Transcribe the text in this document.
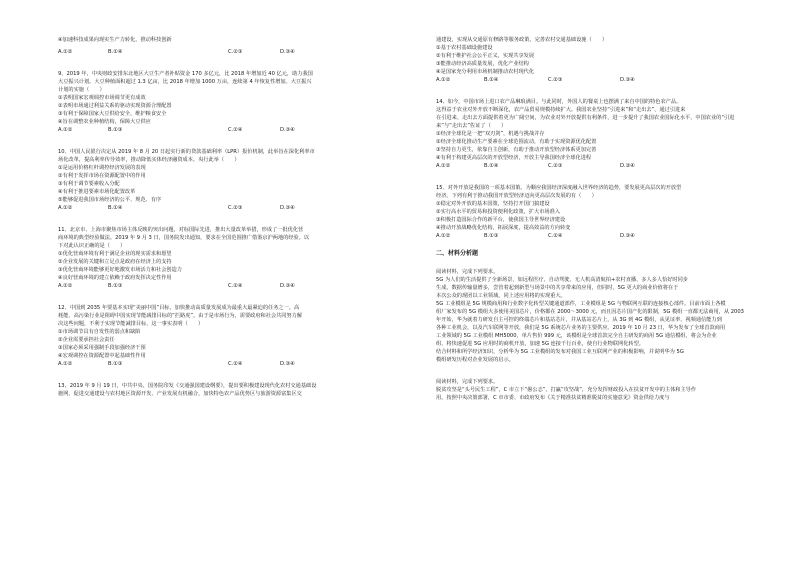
④加速科技成果向现实生产力转化，推动科技创新
A.①②	B.①④	C.②③	D.③④
9、2019 年，中央财政安排东北地区大豆生产者补贴资金 170 多亿元，比 2018 年增加近 40 亿元，助力我国
大豆振兴计划。大豆种植面积超过 1.3 亿亩，比 2018 年增加 1000 万亩，连续第 4 年恢复性增加。大豆振兴
计划的实施（　　）
①表明国家宏观调控市场调节更有成效
②表明市场通过利益关系的驱动实现资源合理配置
③有利于保障国家大豆供给安全，维护粮食安全
④旨在调整农业种植结构，保障大豆供应
A.①②	B.①③	C.②④	D.③④
10、中国人民银行决定从 2019 年 8 月 20 日起实行新的贷款基础利率（LPR）报价机制，此举旨在深化利率市
场化改革，提高利率传导效率，推动降低实体经济融资成本。央行此举（　　）
①是运用价格杠杆调控经济发展的表现
②有利于发挥市场在资源配置中的作用
③有利于调节要素收入分配
④有利于推进要素市场化配置改革
⑤能够促进我国市场经济的公平、规范、有序
A.①②	B.①④	C.②③	D.③④
11、北京市、上海市聚焦市场主体反映的突出问题，对标国际先进，推出大量改革举措，形成了一批优化营
商环境的典型经验做法。2019 年 9 月 3 日，国务院发出通知，要求在全国范围推广借鉴京沪两地的经验。以
下对此认识正确的是（　　）
①优化营商环境有利于满足企业的现实需求和愿望
②企业发展的关键和立足点是政府在经济上的支持
③优化营商环境能够更好地激发市场活力和社会创造力
④良好营商环境的建立依赖于政府发挥决定性作用
A.①②	B.①③	C.②④	D.③④
12、中国到 2035 年要基本实现“美丽中国”目标，加快推动高质量发展成为最重大最紧迫的任务之一。高
耗能、高污染行业是阻碍中国实现节能减排目标的“拦路虎”。由于是市场行为，需要政府和社会共同努力解
决这些问题，不利于实现节能减排目标，这一事实表明（　　）
①市场调节具有自发性的弱点和缺陷
②企业需要承担社会责任
③国家必须采用强制手段加强经济干预
④宏观调控在资源配置中起基础性作用
A.①②	B.①③	C.②④	D.③④
13、2019 年 9 月 19 日，中共中央、国务院印发《交通强国建设纲要》，提出要积极建设现代化农村交通基础设
施网，促进交通建设与农村地区资源开发、产业发展有机融合，加快特色农产品优势区与旅游资源富集区交
通建设，实现从交通原有修路等服务政策，完善农村交通基础设施（　　）
①基于农村基础设施建设
②有利于维护社会公平正义，实现共享发展
③能推动经济高质量发展，优化产业结构
④是国家充分利用市场机制推动农村现代化
A.①②	B.①④	C.②③	D.③④
14、如今，中国市场上进口农产品琳琅满目。与此同时，外国人的餐桌上也摆满了来自中国的特色农产品。
这得益于农业对外开放不断深化，农产品贸易规模持续扩大。我国农业坚持“引进来”和“走出去”，通过引进来
在引进来、走出去方面提供着更为广阔空间，为农业对外开放提供有利条件，进一步提升了我国农业国际化水平，中国农业的“引进
来”与“走出去”佐证了（　　）
①经济全球化是一把“双刃剑”，机遇与挑战并存
②经济全球化推动生产要素在全球范围流动，有助于实现资源优化配置
③坚持自力更生，依靠自主创新，有助于推动开放型经济体系更加完善
④有利于构建更高层次的开放型经济，开放主导我国经济全球化进程
A.①②	B.①④	C.②③	D.③④
15、对外开放是我国的一项基本国策。为顺应我国经济深度融入世界经济的趋势，要发展更高层次的开放型
经济。下列有利于推动我国开放型经济迈向更高层次发展的有（　　）
①稳定对外开放的基本国策，坚持打开国门搞建设
②实行高水平的贸易和投资便利化政策，扩大市场准入
③积极打造国际合作的新平台，使我国主导世界经济建设
④推动开放战略优化结构，拓展深度，提高效益的方向转变
A.①②	B.①③	C.②④	D.③④
二、材料分析题
阅读材料，完成下列要求。
5G 为人们的生活提供了全新场景，如远程医疗、自动驾驶、无人机高清航拍+农村直播、多人多人恰好时同步
生成，数据传输量增多，尝管着起到新型与场景中的共享带来的应用，但同时，5G 更大的商业价值将在于
本次公众的现团以工业领域，同上述应用将的实现重大。
5G 工业模组是 5G 规模商用和行业数字化转型关键通道部件，工业模组是 5G 与物联网互联的连接核心部件。目前市面上各模
组厂家发布的 5G 模组大多使用美国芯片，价格都在 2000～3000 元，而且因芯片国产化的限制，5G 模组一直都无法商用，从 2003
年开始，华为就着力研发自主可控的终端芯片和基站芯片，并从基站芯片上，从 3G 到 4G 模组，从见证率、视频通信能力到
各种工业机会，以及汽车联网等开放，我们是 5G 系统芯片业务的主要供应。2019 年 10 月 23 日，华为发布了全球首款商用
工业领域的 5G 工业模组 MH5000，单片售价 999 元，该模组是全球首款完全自主研发的商用 5G 通信模组，将会为企业
组，将快速促进 5G 应用时的商机开放，加速 5G 连接千行百业，使自行业物联网化转型。
结合材料和所学经济知识，分析华为 5G 工业模组的发布对我国工业互联网产业的积极影响，并说明华为 5G
模组研发历程对企业发展的启示。
阅读材料，完成下列要求。
脱贫攻坚是“头号民生工程”，C 市立下“愚公志”，打赢“攻坚战”，充分发挥财政投入在扶贫开发中的主体和主导作
用。按照中央决策部署，C 市市委、市政府发布《关于精准扶贫精准脱贫的实施意见》资金供给力度与
